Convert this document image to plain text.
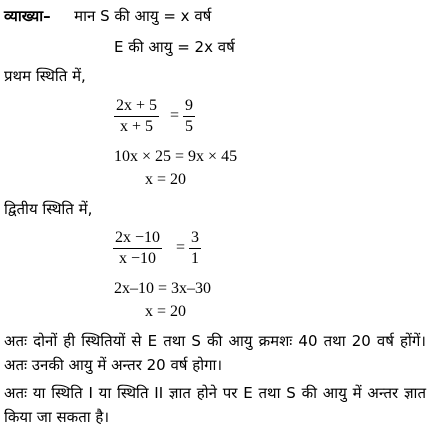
व्याख्या– मान S की आयु = x वर्ष
E की आयु = 2x वर्ष
प्रथम स्थिति में,
$\frac{2x + 5}{x + 5} = \frac{9}{5}$
10x × 25 = 9x × 45
x = 20
द्वितीय स्थिति में,
$\frac{2x -10}{x -10} = \frac{3}{1}$
2x–10 = 3x–30
x = 20
अतः दोनों ही स्थितियों से E तथा S की आयु क्रमशः 40 तथा 20 वर्ष होंगें। अतः उनकी आयु में अन्तर 20 वर्ष होगा।
अतः या स्थिति I या स्थिति II ज्ञात होने पर E तथा S की आयु में अन्तर ज्ञात किया जा सकता है।
